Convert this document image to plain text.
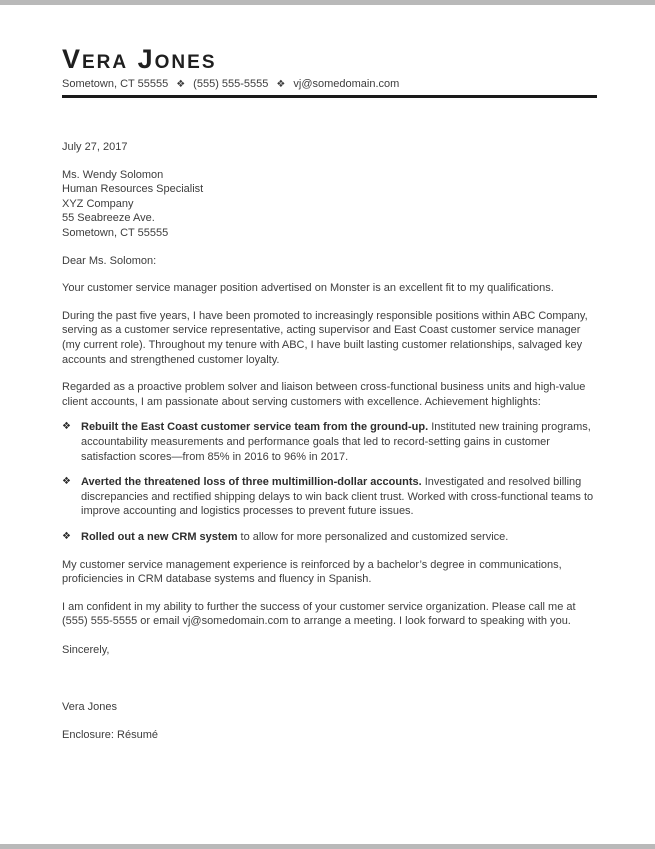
Vera Jones
Sometown, CT 55555 ❖ (555) 555-5555 ❖ vj@somedomain.com
July 27, 2017
Ms. Wendy Solomon
Human Resources Specialist
XYZ Company
55 Seabreeze Ave.
Sometown, CT 55555

Dear Ms. Solomon:

Your customer service manager position advertised on Monster is an excellent fit to my qualifications.

During the past five years, I have been promoted to increasingly responsible positions within ABC Company, serving as a customer service representative, acting supervisor and East Coast customer service manager (my current role). Throughout my tenure with ABC, I have built lasting customer relationships, salvaged key accounts and strengthened customer loyalty.

Regarded as a proactive problem solver and liaison between cross-functional business units and high-value client accounts, I am passionate about serving customers with excellence. Achievement highlights:

❖ Rebuilt the East Coast customer service team from the ground-up. Instituted new training programs, accountability measurements and performance goals that led to record-setting gains in customer satisfaction scores—from 85% in 2016 to 96% in 2017.
❖ Averted the threatened loss of three multimillion-dollar accounts. Investigated and resolved billing discrepancies and rectified shipping delays to win back client trust. Worked with cross-functional teams to improve accounting and logistics processes to prevent future issues.
❖ Rolled out a new CRM system to allow for more personalized and customized service.

My customer service management experience is reinforced by a bachelor’s degree in communications, proficiencies in CRM database systems and fluency in Spanish.

I am confident in my ability to further the success of your customer service organization. Please call me at (555) 555-5555 or email vj@somedomain.com to arrange a meeting. I look forward to speaking with you.

Sincerely,

Vera Jones

Enclosure: Résumé
